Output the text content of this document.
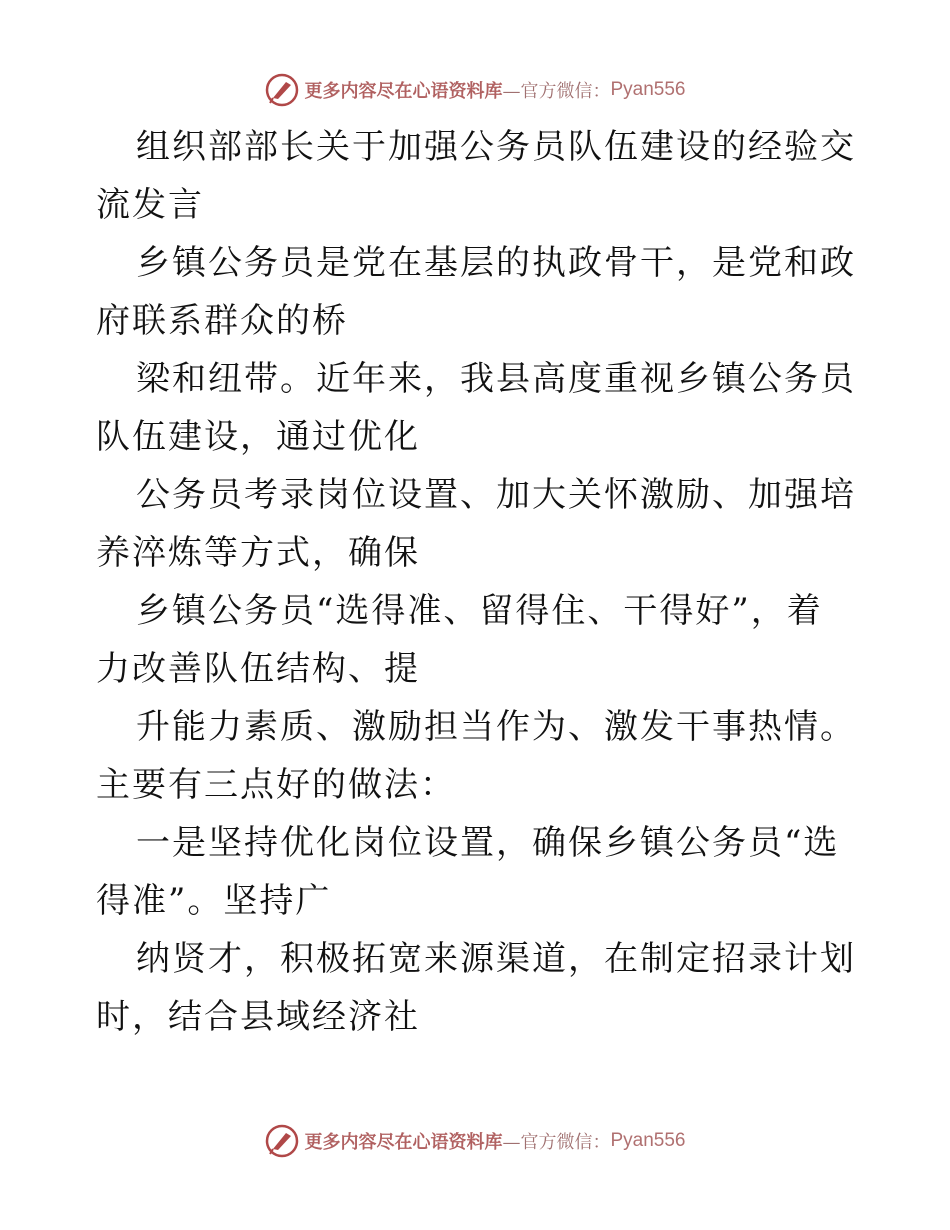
更多内容尽在心语资料库 —官方微信： Pyan556

组织部部长关于加强公务员队伍建设的经验交流发言

乡镇公务员是党在基层的执政骨干，是党和政府联系群众的桥

梁和纽带。近年来，我县高度重视乡镇公务员队伍建设，通过优化

公务员考录岗位设置、加大关怀激励、加强培养淬炼等方式，确保

乡镇公务员“选得准、留得住、干得好”，着力改善队伍结构、提

升能力素质、激励担当作为、激发干事热情。主要有三点好的做法：

一是坚持优化岗位设置，确保乡镇公务员“选得准”。坚持广

纳贤才，积极拓宽来源渠道，在制定招录计划时，结合县域经济社

更多内容尽在心语资料库 —官方微信： Pyan556
